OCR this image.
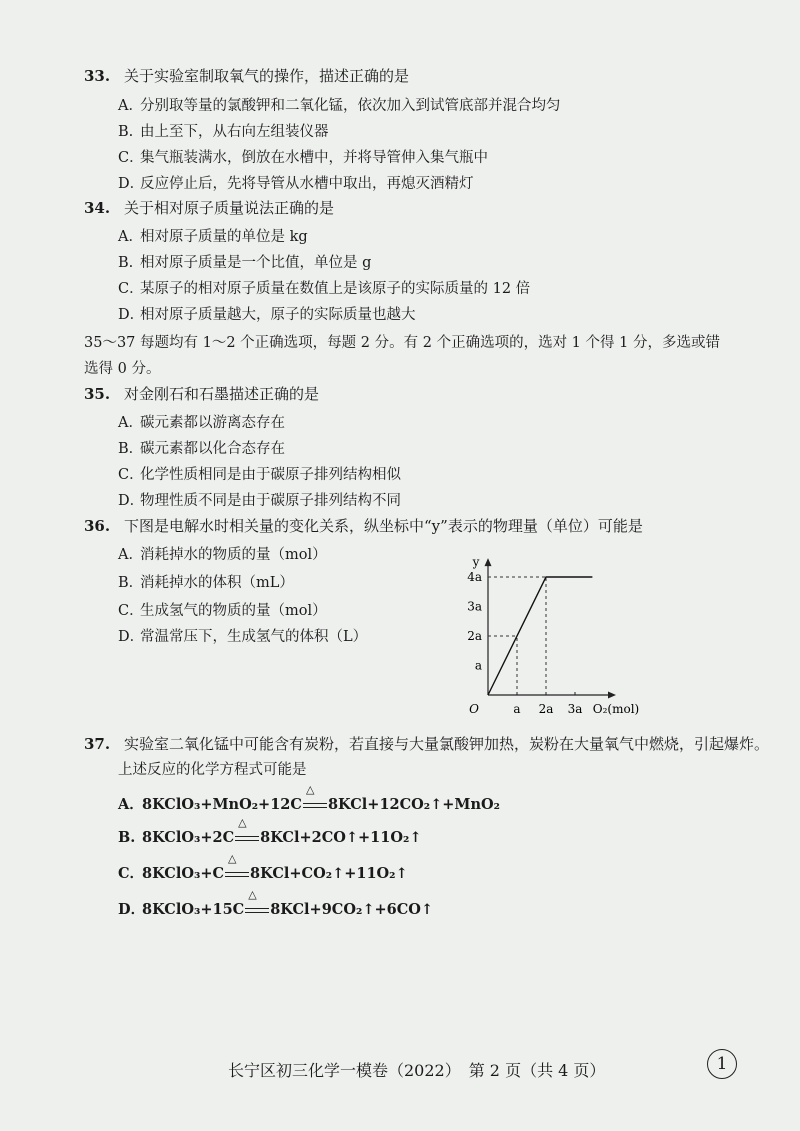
33. 关于实验室制取氧气的操作，描述正确的是
A．分别取等量的氯酸钾和二氧化锰，依次加入到试管底部并混合均匀
B. 由上至下，从右向左组装仪器
C．集气瓶装满水，倒放在水槽中，并将导管伸入集气瓶中
D．反应停止后，先将导管从水槽中取出，再熄灭酒精灯
34. 关于相对原子质量说法正确的是
A．相对原子质量的单位是 kg
B. 相对原子质量是一个比值，单位是 g
C．某原子的相对原子质量在数值上是该原子的实际质量的 12 倍
D．相对原子质量越大，原子的实际质量也越大
35～37 每题均有 1～2 个正确选项，每题 2 分。有 2 个正确选项的，选对 1 个得 1 分，多选或错选得 0 分。
35. 对金刚石和石墨描述正确的是
A．碳元素都以游离态存在
B．碳元素都以化合态存在
C．化学性质相同是由于碳原子排列结构相似
D．物理性质不同是由于碳原子排列结构不同
36. 下图是电解水时相关量的变化关系，纵坐标中“y”表示的物理量（单位）可能是
A．消耗掉水的物质的量（mol）
B．消耗掉水的体积（mL）
C．生成氢气的物质的量（mol）
D．常温常压下，生成氢气的体积（L）
a 2a 3a
a
2a
3a
4a
O₂(mol)
y
O
37. 实验室二氧化锰中可能含有炭粉，若直接与大量氯酸钾加热，炭粉在大量氧气中燃烧，引起爆炸。
上述反应的化学方程式可能是
A．8KClO₃+MnO₂+12C
△
8KCl+12CO₂↑+MnO₂
B. 8KClO₃+2C
△
8KCl+2CO↑+11O₂↑
C．8KClO₃+C
△
8KCl+CO₂↑+11O₂↑
D．8KClO₃+15C
△
8KCl+9CO₂↑+6CO↑
长宁区初三化学一模卷（2022）　第 2 页（共 4 页）	1
